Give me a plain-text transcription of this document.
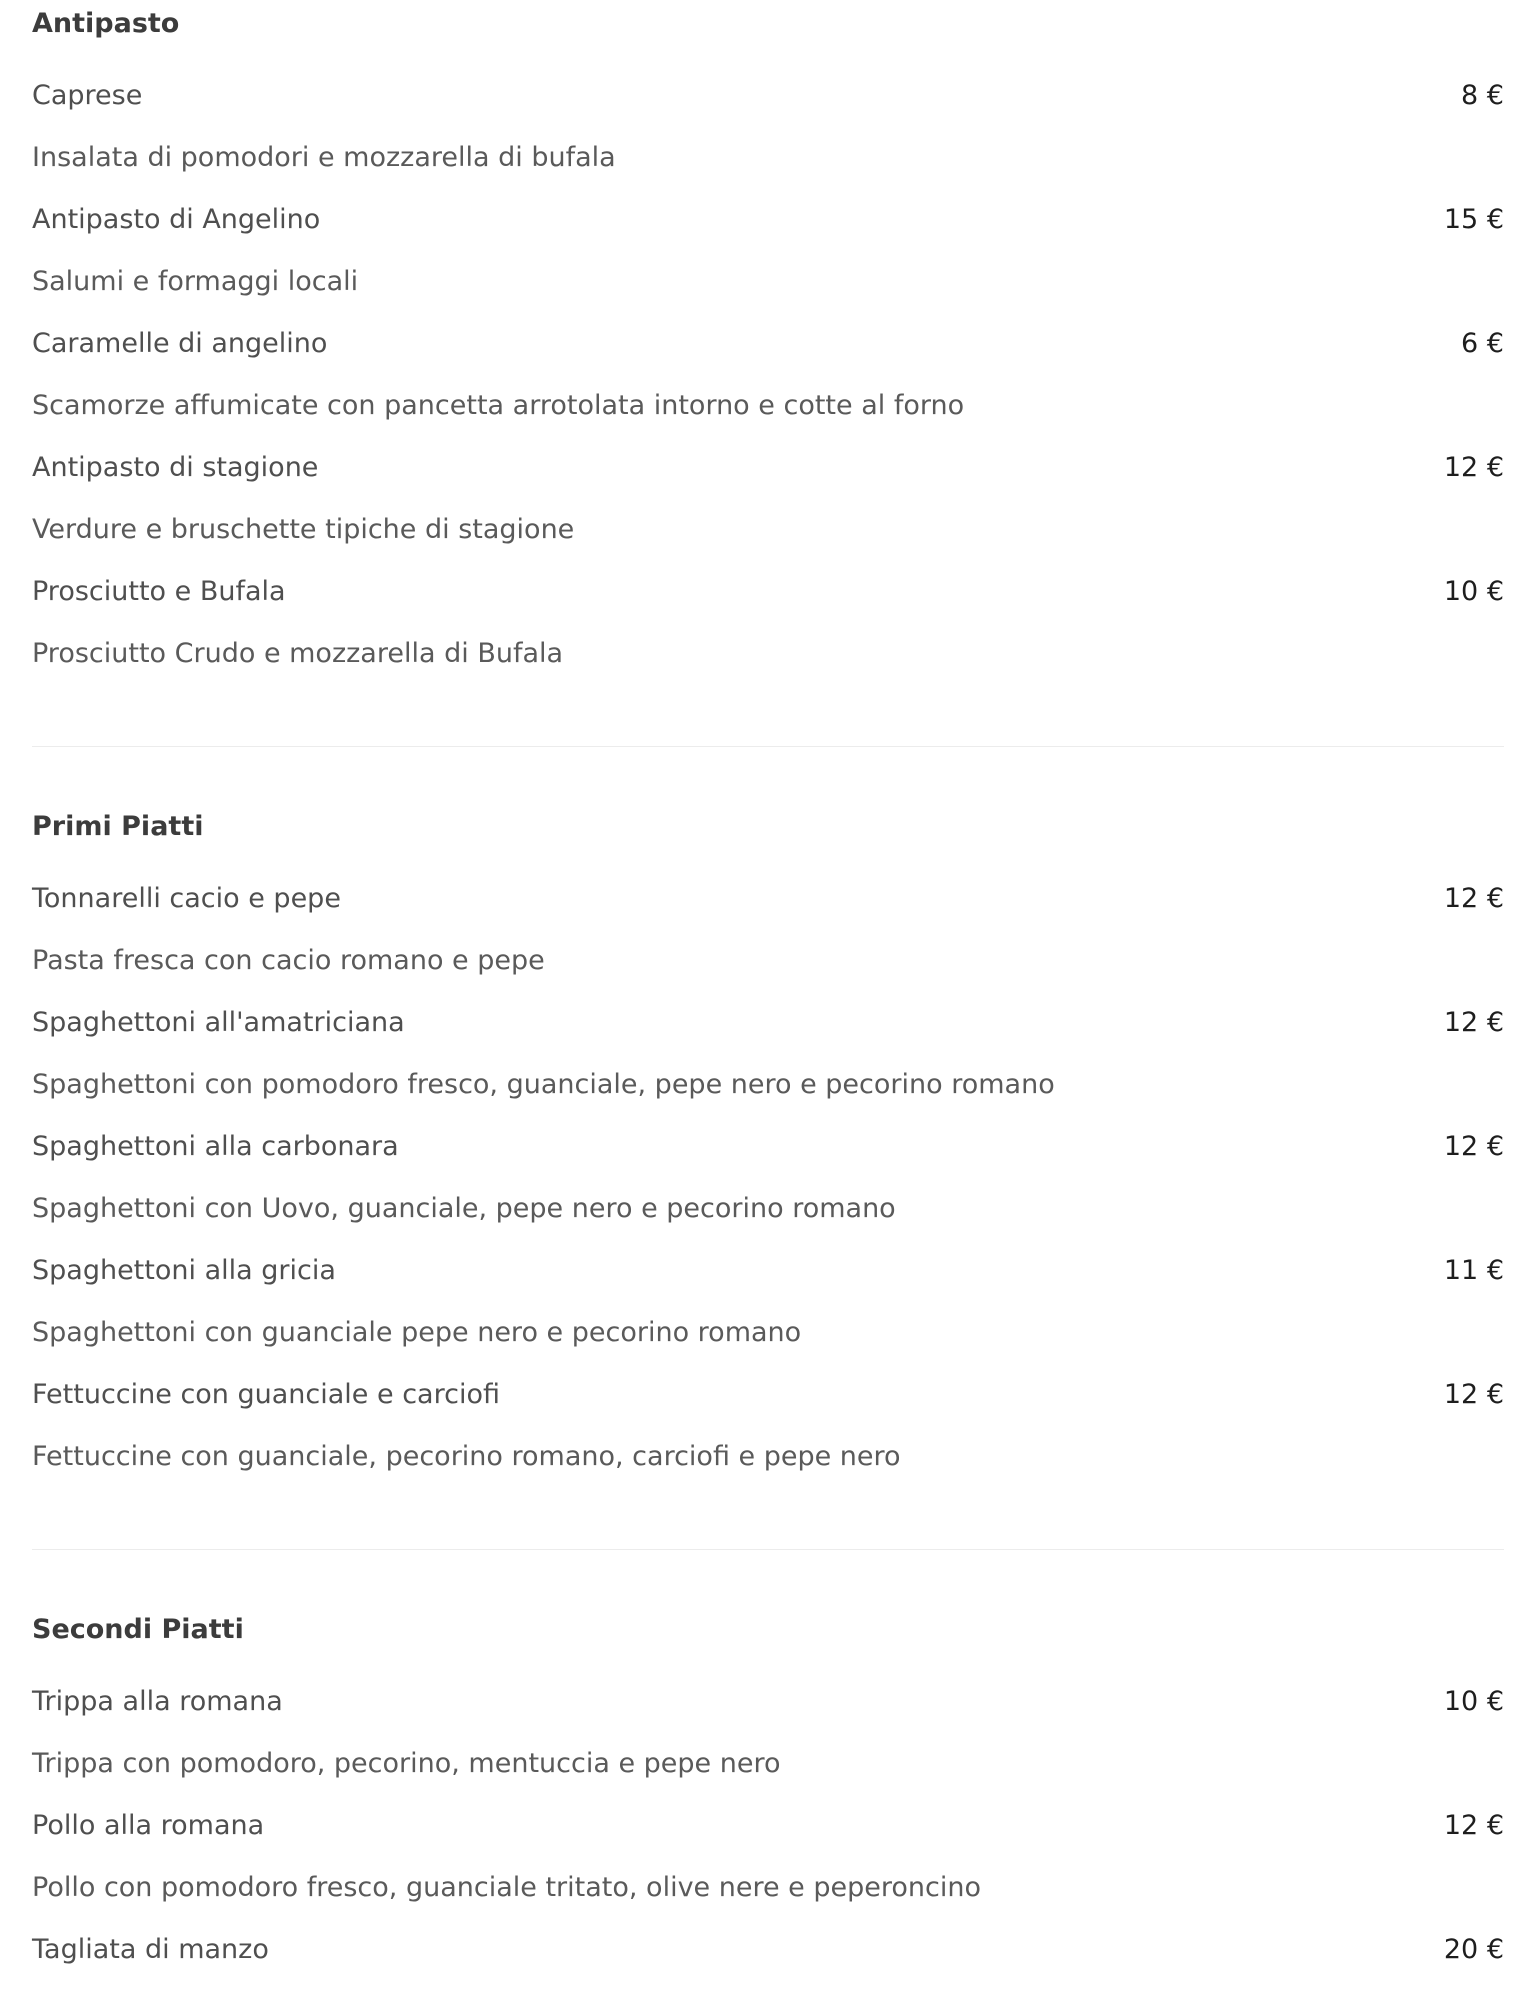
Antipasto
Caprese	8 €
Insalata di pomodori e mozzarella di bufala
Antipasto di Angelino	15 €
Salumi e formaggi locali
Caramelle di angelino	6 €
Scamorze affumicate con pancetta arrotolata intorno e cotte al forno
Antipasto di stagione	12 €
Verdure e bruschette tipiche di stagione
Prosciutto e Bufala	10 €
Prosciutto Crudo e mozzarella di Bufala
Primi Piatti
Tonnarelli cacio e pepe	12 €
Pasta fresca con cacio romano e pepe
Spaghettoni all'amatriciana	12 €
Spaghettoni con pomodoro fresco, guanciale, pepe nero e pecorino romano
Spaghettoni alla carbonara	12 €
Spaghettoni con Uovo, guanciale, pepe nero e pecorino romano
Spaghettoni alla gricia	11 €
Spaghettoni con guanciale pepe nero e pecorino romano
Fettuccine con guanciale e carciofi	12 €
Fettuccine con guanciale, pecorino romano, carciofi e pepe nero
Secondi Piatti
Trippa alla romana	10 €
Trippa con pomodoro, pecorino, mentuccia e pepe nero
Pollo alla romana	12 €
Pollo con pomodoro fresco, guanciale tritato, olive nere e peperoncino
Tagliata di manzo	20 €
